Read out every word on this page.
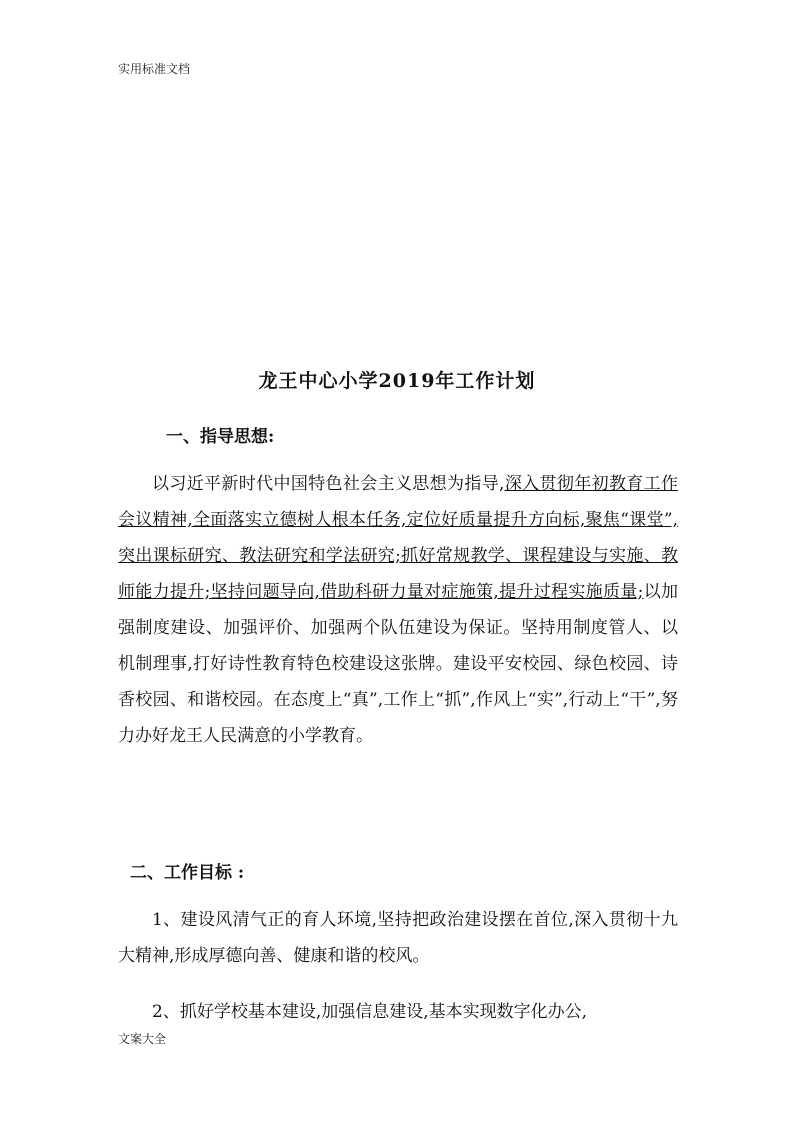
实用标准文档
龙王中心小学2019年工作计划
一、指导思想:
以习近平新时代中国特色社会主义思想为指导,深入贯彻年初教育工作会议精神,全面落实立德树人根本任务,定位好质量提升方向标,聚焦“课堂”,突出课标研究、教法研究和学法研究;抓好常规教学、课程建设与实施、教师能力提升;坚持问题导向,借助科研力量对症施策,提升过程实施质量;以加强制度建设、加强评价、加强两个队伍建设为保证。坚持用制度管人、以机制理事,打好诗性教育特色校建设这张牌。建设平安校园、绿色校园、诗香校园、和谐校园。在态度上“真”,工作上“抓”,作风上“实”,行动上“干”,努力办好龙王人民满意的小学教育。
二、工作目标 :
1、建设风清气正的育人环境,坚持把政治建设摆在首位,深入贯彻十九大精神,形成厚德向善、健康和谐的校风。
2、抓好学校基本建设,加强信息建设,基本实现数字化办公,
文案大全
